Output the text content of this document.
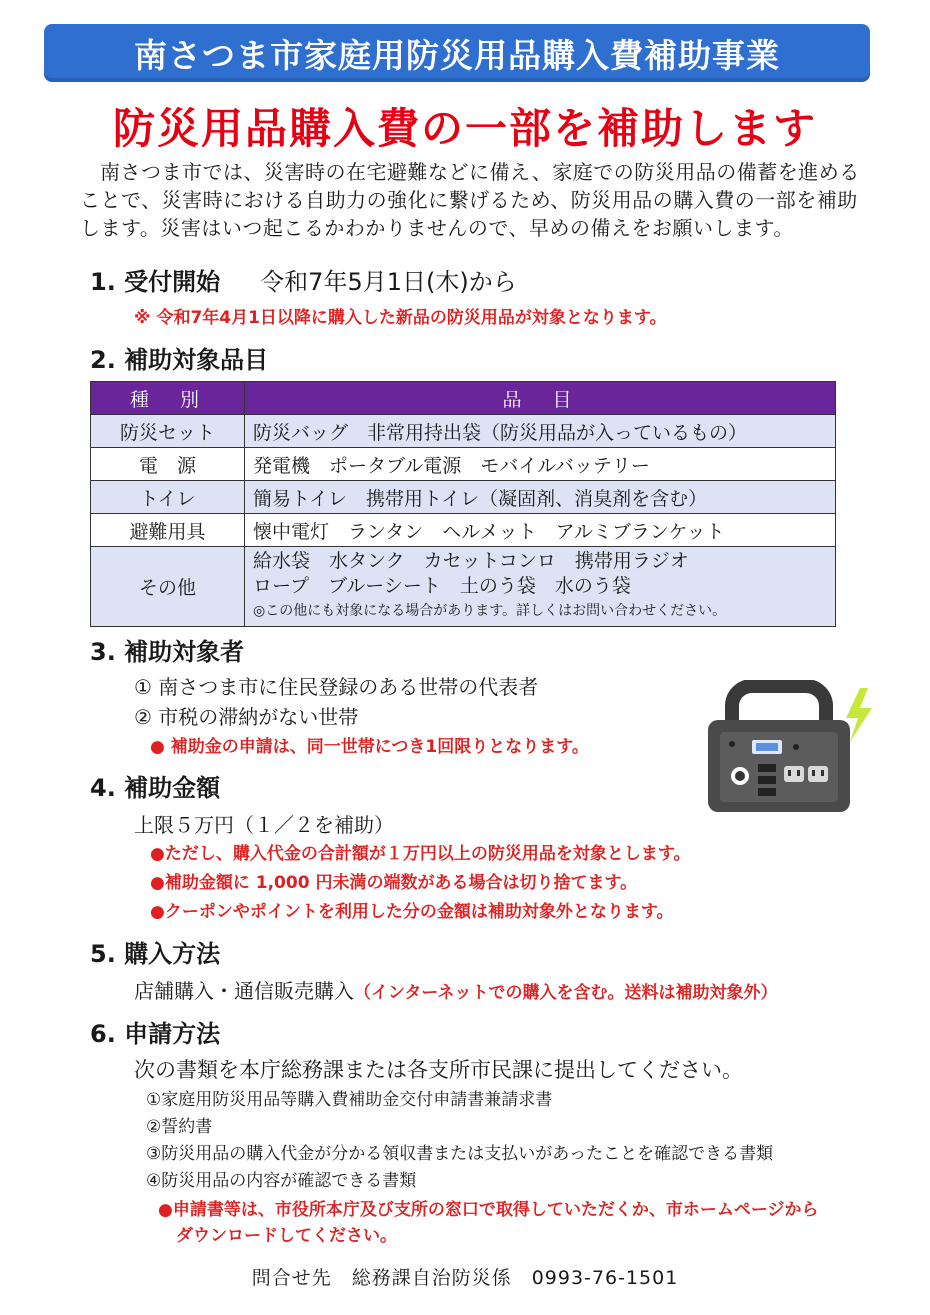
南さつま市家庭用防災用品購入費補助事業
防災用品購入費の一部を補助します

南さつま市では、災害時の在宅避難などに備え、家庭での防災用品の備蓄を進める

ことで、災害時における自助力の強化に繋げるため、防災用品の購入費の一部を補助

します。災害はいつ起こるかわかりませんので、早めの備えをお願いします。

1. 受付開始 令和7年5月1日(木)から
※ 令和7年4月1日以降に購入した新品の防災用品が対象となります。
2. 補助対象品目
種　別	品　目
防災セット	防災バッグ　非常用持出袋（防災用品が入っているもの）
電　源	発電機　ポータブル電源　モバイルバッテリー
トイレ	簡易トイレ　携帯用トイレ（凝固剤、消臭剤を含む）
避難用具	懐中電灯　ランタン　ヘルメット　アルミブランケット
その他	給水袋　水タンク　カセットコンロ　携帯用ラジオ
ロープ　ブルーシート　土のう袋　水のう袋
◎この他にも対象になる場合があります。詳しくはお問い合わせください。
3. 補助対象者
① 南さつま市に住民登録のある世帯の代表者
② 市税の滞納がない世帯
● 補助金の申請は、同一世帯につき1回限りとなります。
4. 補助金額
上限５万円（１／２を補助）
●ただし、購入代金の合計額が１万円以上の防災用品を対象とします。
●補助金額に 1,000 円未満の端数がある場合は切り捨てます。
●クーポンやポイントを利用した分の金額は補助対象外となります。
5. 購入方法
店舗購入・通信販売購入（インターネットでの購入を含む。送料は補助対象外）
6. 申請方法
次の書類を本庁総務課または各支所市民課に提出してください。
①家庭用防災用品等購入費補助金交付申請書兼請求書
②誓約書
③防災用品の購入代金が分かる領収書または支払いがあったことを確認できる書類
④防災用品の内容が確認できる書類
●申請書等は、市役所本庁及び支所の窓口で取得していただくか、市ホームページから
ダウンロードしてください。
問合せ先　総務課自治防災係　0993-76-1501
